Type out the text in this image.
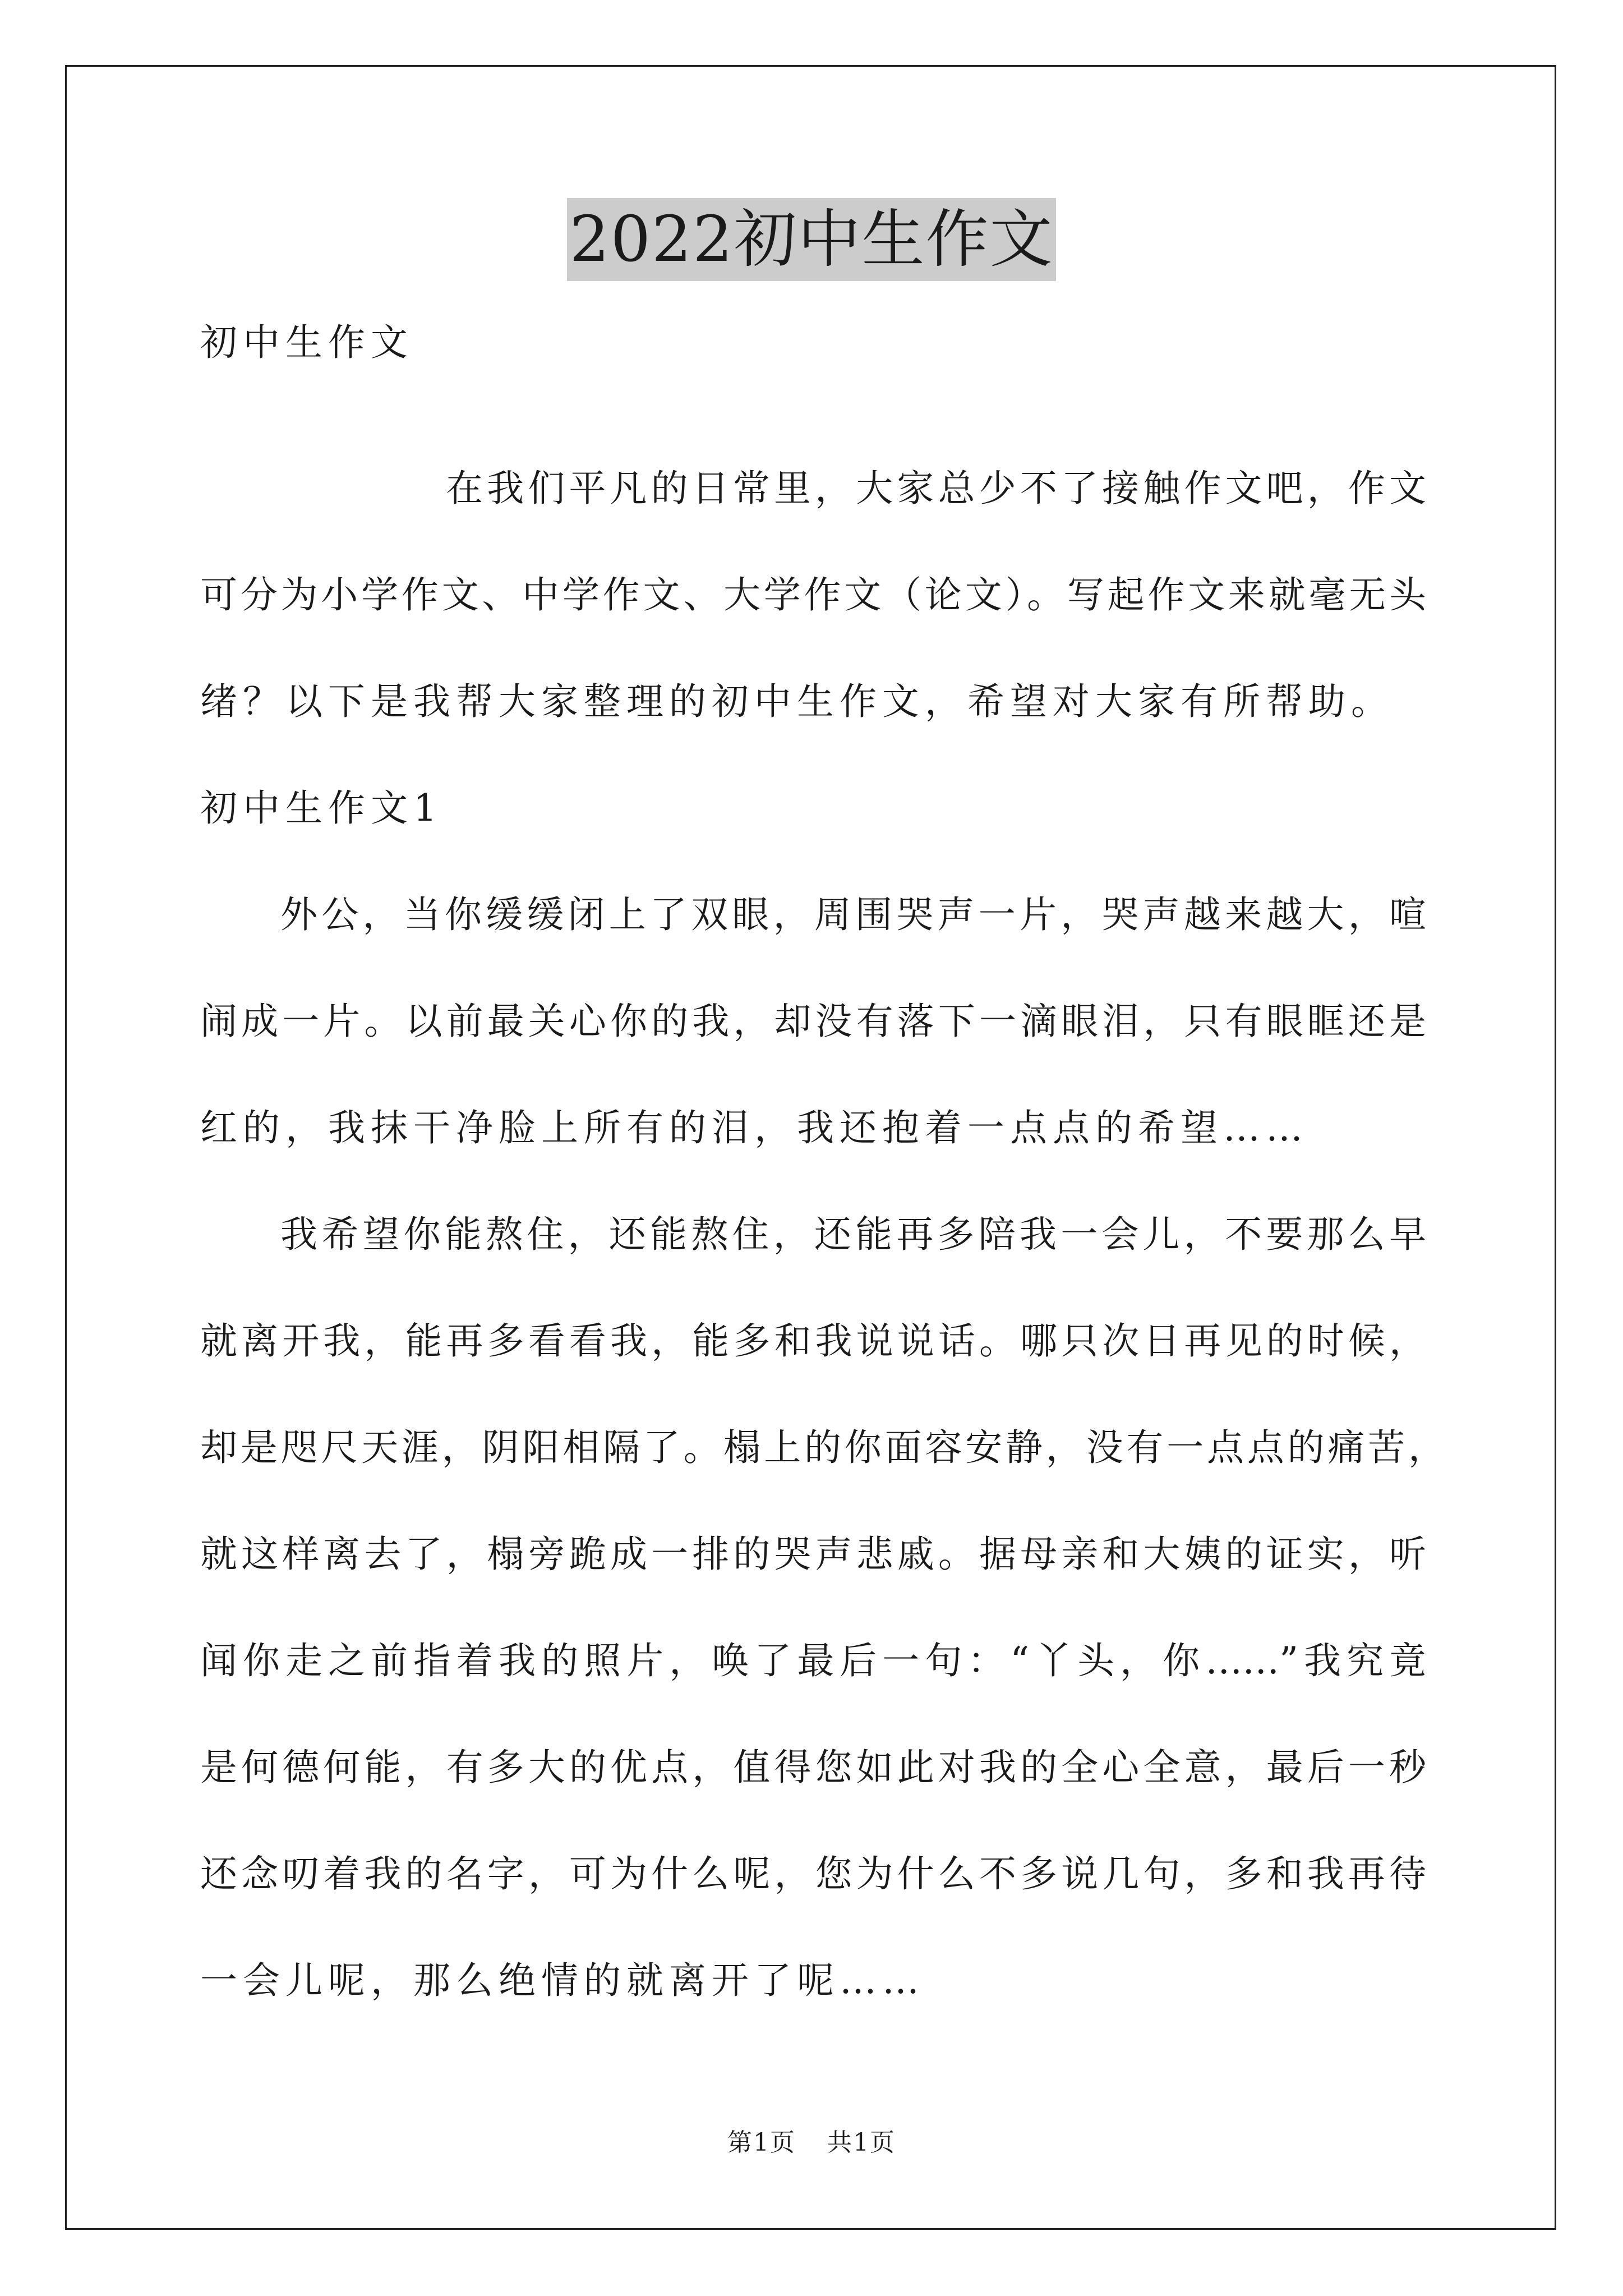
2022初中生作文
初中生作文
在我们平凡的日常里，大家总少不了接触作文吧，作文
可分为小学作文、中学作文、大学作文（论文）。写起作文来就毫无头
绪？以下是我帮大家整理的初中生作文，希望对大家有所帮助。
初中生作文1
外公，当你缓缓闭上了双眼，周围哭声一片，哭声越来越大，喧
闹成一片。以前最关心你的我，却没有落下一滴眼泪，只有眼眶还是
红的，我抹干净脸上所有的泪，我还抱着一点点的希望……
我希望你能熬住，还能熬住，还能再多陪我一会儿，不要那么早
就离开我，能再多看看我，能多和我说说话。哪只次日再见的时候，
却是咫尺天涯，阴阳相隔了。榻上的你面容安静，没有一点点的痛苦，
就这样离去了，榻旁跪成一排的哭声悲戚。据母亲和大姨的证实，听
闻你走之前指着我的照片，唤了最后一句：“丫头，你……”我究竟
是何德何能，有多大的优点，值得您如此对我的全心全意，最后一秒
还念叨着我的名字，可为什么呢，您为什么不多说几句，多和我再待
一会儿呢，那么绝情的就离开了呢……
第1页 共1页
